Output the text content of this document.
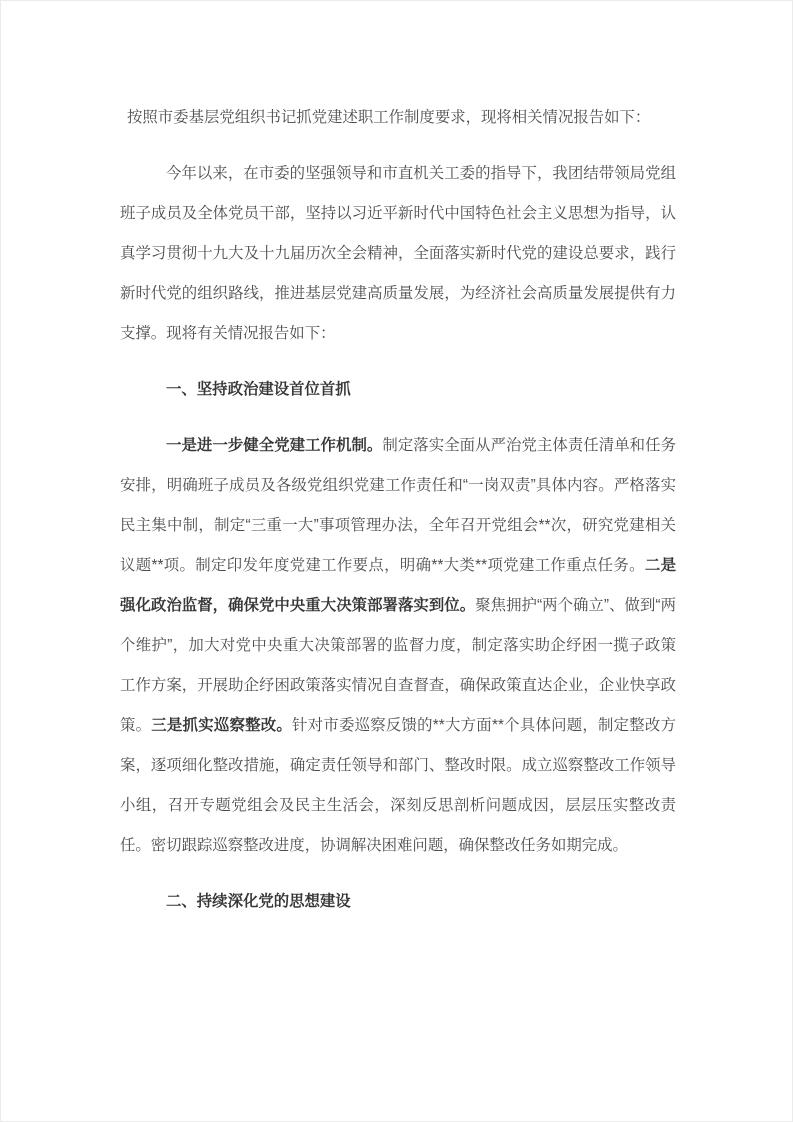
按照市委基层党组织书记抓党建述职工作制度要求，现将相关情况报告如下：

今年以来，在市委的坚强领导和市直机关工委的指导下，我团结带领局党组班子成员及全体党员干部，坚持以习近平新时代中国特色社会主义思想为指导，认真学习贯彻十九大及十九届历次全会精神，全面落实新时代党的建设总要求，践行新时代党的组织路线，推进基层党建高质量发展，为经济社会高质量发展提供有力支撑。现将有关情况报告如下：

一、坚持政治建设首位首抓

一是进一步健全党建工作机制。制定落实全面从严治党主体责任清单和任务安排，明确班子成员及各级党组织党建工作责任和“一岗双责”具体内容。严格落实民主集中制，制定“三重一大”事项管理办法，全年召开党组会**次，研究党建相关议题**项。制定印发年度党建工作要点，明确**大类**项党建工作重点任务。二是强化政治监督，确保党中央重大决策部署落实到位。聚焦拥护“两个确立”、做到“两个维护”，加大对党中央重大决策部署的监督力度，制定落实助企纾困一揽子政策工作方案，开展助企纾困政策落实情况自查督查，确保政策直达企业，企业快享政策。三是抓实巡察整改。针对市委巡察反馈的**大方面**个具体问题，制定整改方案，逐项细化整改措施，确定责任领导和部门、整改时限。成立巡察整改工作领导小组，召开专题党组会及民主生活会，深刻反思剖析问题成因，层层压实整改责任。密切跟踪巡察整改进度，协调解决困难问题，确保整改任务如期完成。

二、持续深化党的思想建设
